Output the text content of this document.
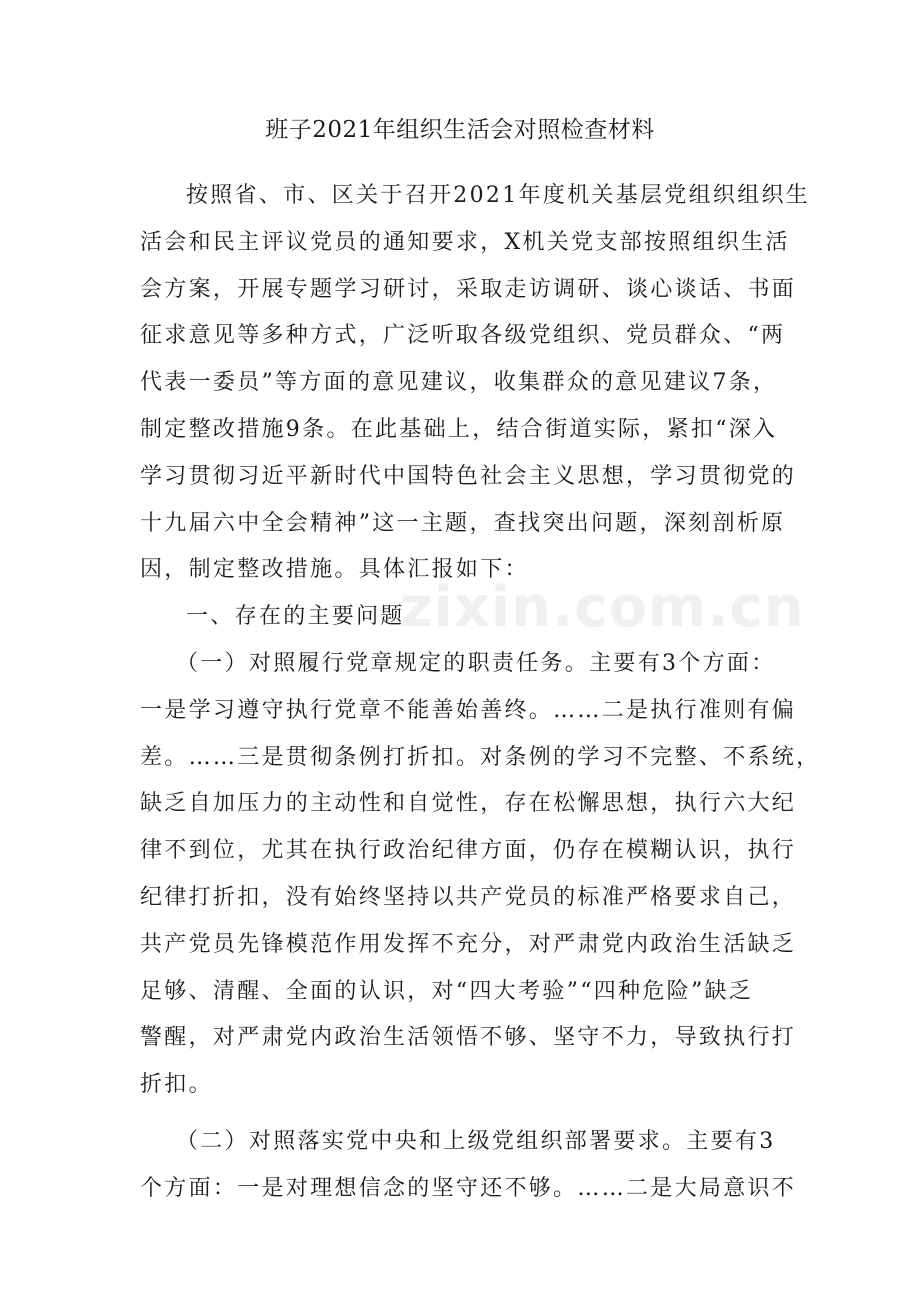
班子2021年组织生活会对照检查材料
按照省、市、区关于召开2021年度机关基层党组织组织生
活会和民主评议党员的通知要求，X机关党支部按照组织生活
会方案，开展专题学习研讨，采取走访调研、谈心谈话、书面
征求意见等多种方式，广泛听取各级党组织、党员群众、“两
代表一委员”等方面的意见建议，收集群众的意见建议7条，
制定整改措施9条。在此基础上，结合街道实际，紧扣“深入
学习贯彻习近平新时代中国特色社会主义思想，学习贯彻党的
十九届六中全会精神”这一主题，查找突出问题，深刻剖析原
因，制定整改措施。具体汇报如下：
一、存在的主要问题
（一）对照履行党章规定的职责任务。主要有3个方面：
一是学习遵守执行党章不能善始善终。……二是执行准则有偏
差。……三是贯彻条例打折扣。对条例的学习不完整、不系统，
缺乏自加压力的主动性和自觉性，存在松懈思想，执行六大纪
律不到位，尤其在执行政治纪律方面，仍存在模糊认识，执行
纪律打折扣，没有始终坚持以共产党员的标准严格要求自己，
共产党员先锋模范作用发挥不充分，对严肃党内政治生活缺乏
足够、清醒、全面的认识，对“四大考验”“四种危险”缺乏
警醒，对严肃党内政治生活领悟不够、坚守不力，导致执行打
折扣。
（二）对照落实党中央和上级党组织部署要求。主要有3
个方面：一是对理想信念的坚守还不够。……二是大局意识不
zixin.com.cn
